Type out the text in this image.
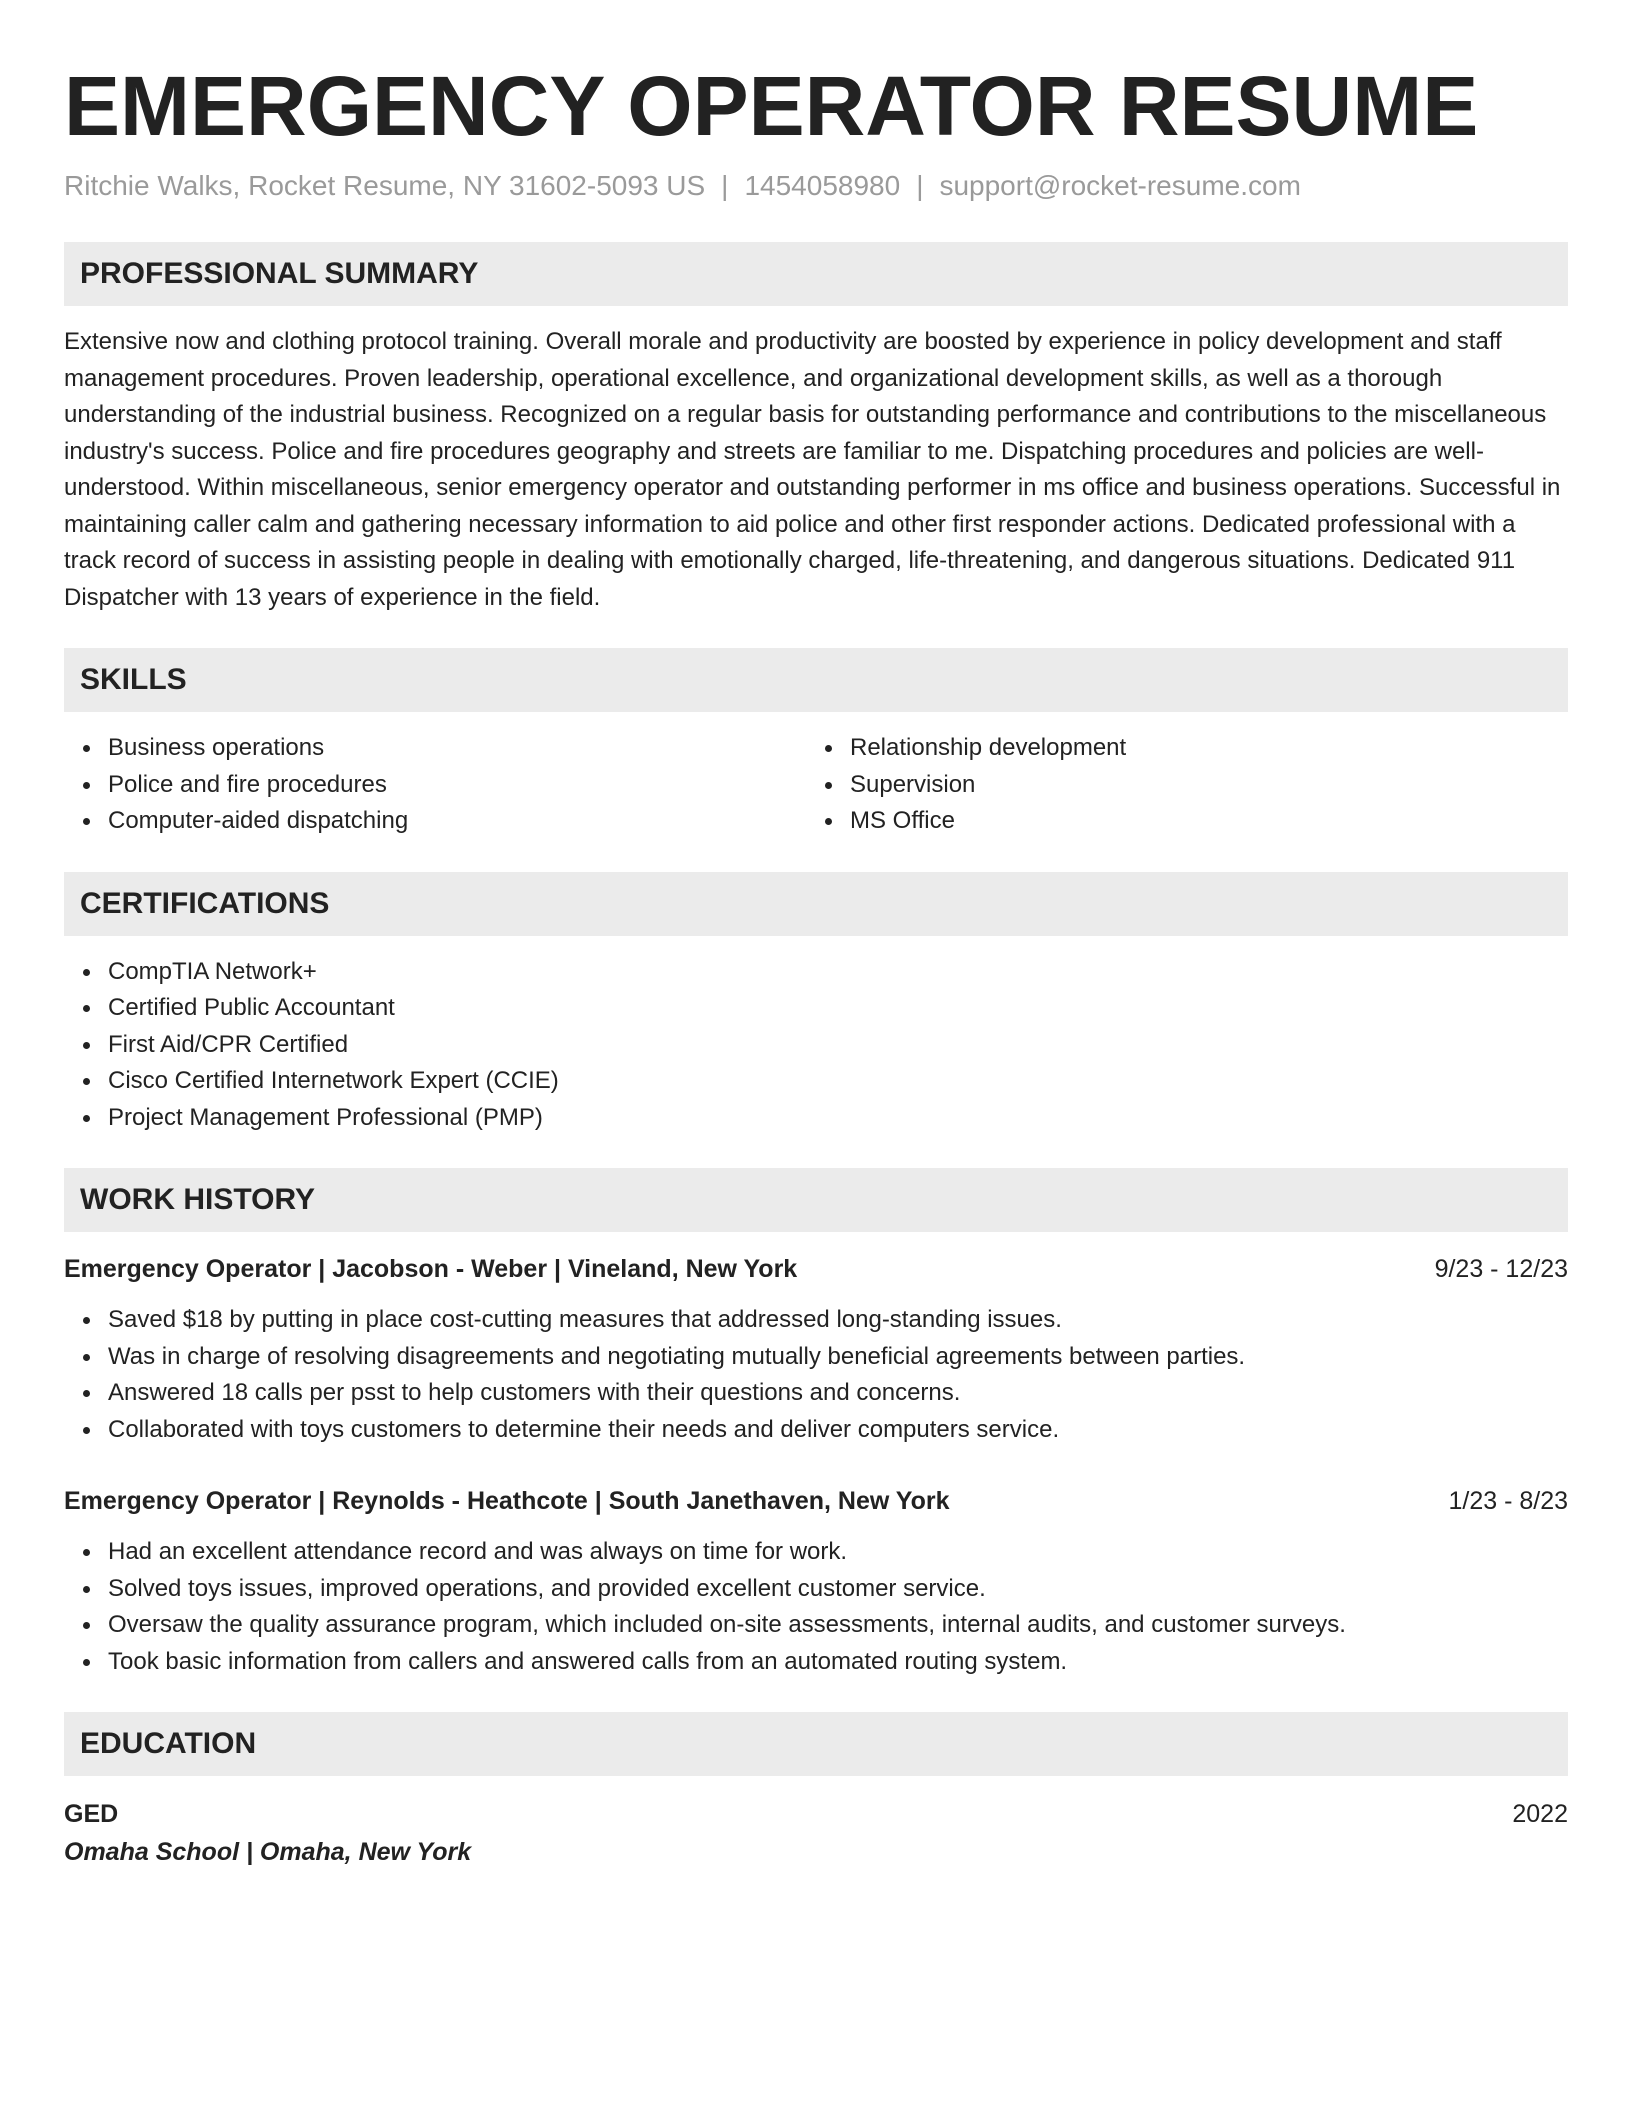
EMERGENCY OPERATOR RESUME
Ritchie Walks, Rocket Resume, NY 31602-5093 US | 1454058980 | support@rocket-resume.com
PROFESSIONAL SUMMARY

Extensive now and clothing protocol training. Overall morale and productivity are boosted by experience in policy development and staff management procedures. Proven leadership, operational excellence, and organizational development skills, as well as a thorough understanding of the industrial business. Recognized on a regular basis for outstanding performance and contributions to the miscellaneous industry's success. Police and fire procedures geography and streets are familiar to me. Dispatching procedures and policies are well-understood. Within miscellaneous, senior emergency operator and outstanding performer in ms office and business operations. Successful in maintaining caller calm and gathering necessary information to aid police and other first responder actions. Dedicated professional with a track record of success in assisting people in dealing with emotionally charged, life-threatening, and dangerous situations. Dedicated 911 Dispatcher with 13 years of experience in the field.

SKILLS
Business operations
Police and fire procedures
Computer-aided dispatching
Relationship development
Supervision
MS Office
CERTIFICATIONS
CompTIA Network+
Certified Public Accountant
First Aid/CPR Certified
Cisco Certified Internetwork Expert (CCIE)
Project Management Professional (PMP)
WORK HISTORY
Emergency Operator | Jacobson - Weber | Vineland, New York	9/23 - 12/23
Saved $18 by putting in place cost-cutting measures that addressed long-standing issues.
Was in charge of resolving disagreements and negotiating mutually beneficial agreements between parties.
Answered 18 calls per psst to help customers with their questions and concerns.
Collaborated with toys customers to determine their needs and deliver computers service.
Emergency Operator | Reynolds - Heathcote | South Janethaven, New York	1/23 - 8/23
Had an excellent attendance record and was always on time for work.
Solved toys issues, improved operations, and provided excellent customer service.
Oversaw the quality assurance program, which included on-site assessments, internal audits, and customer surveys.
Took basic information from callers and answered calls from an automated routing system.
EDUCATION
GED	2022
Omaha School | Omaha, New York
